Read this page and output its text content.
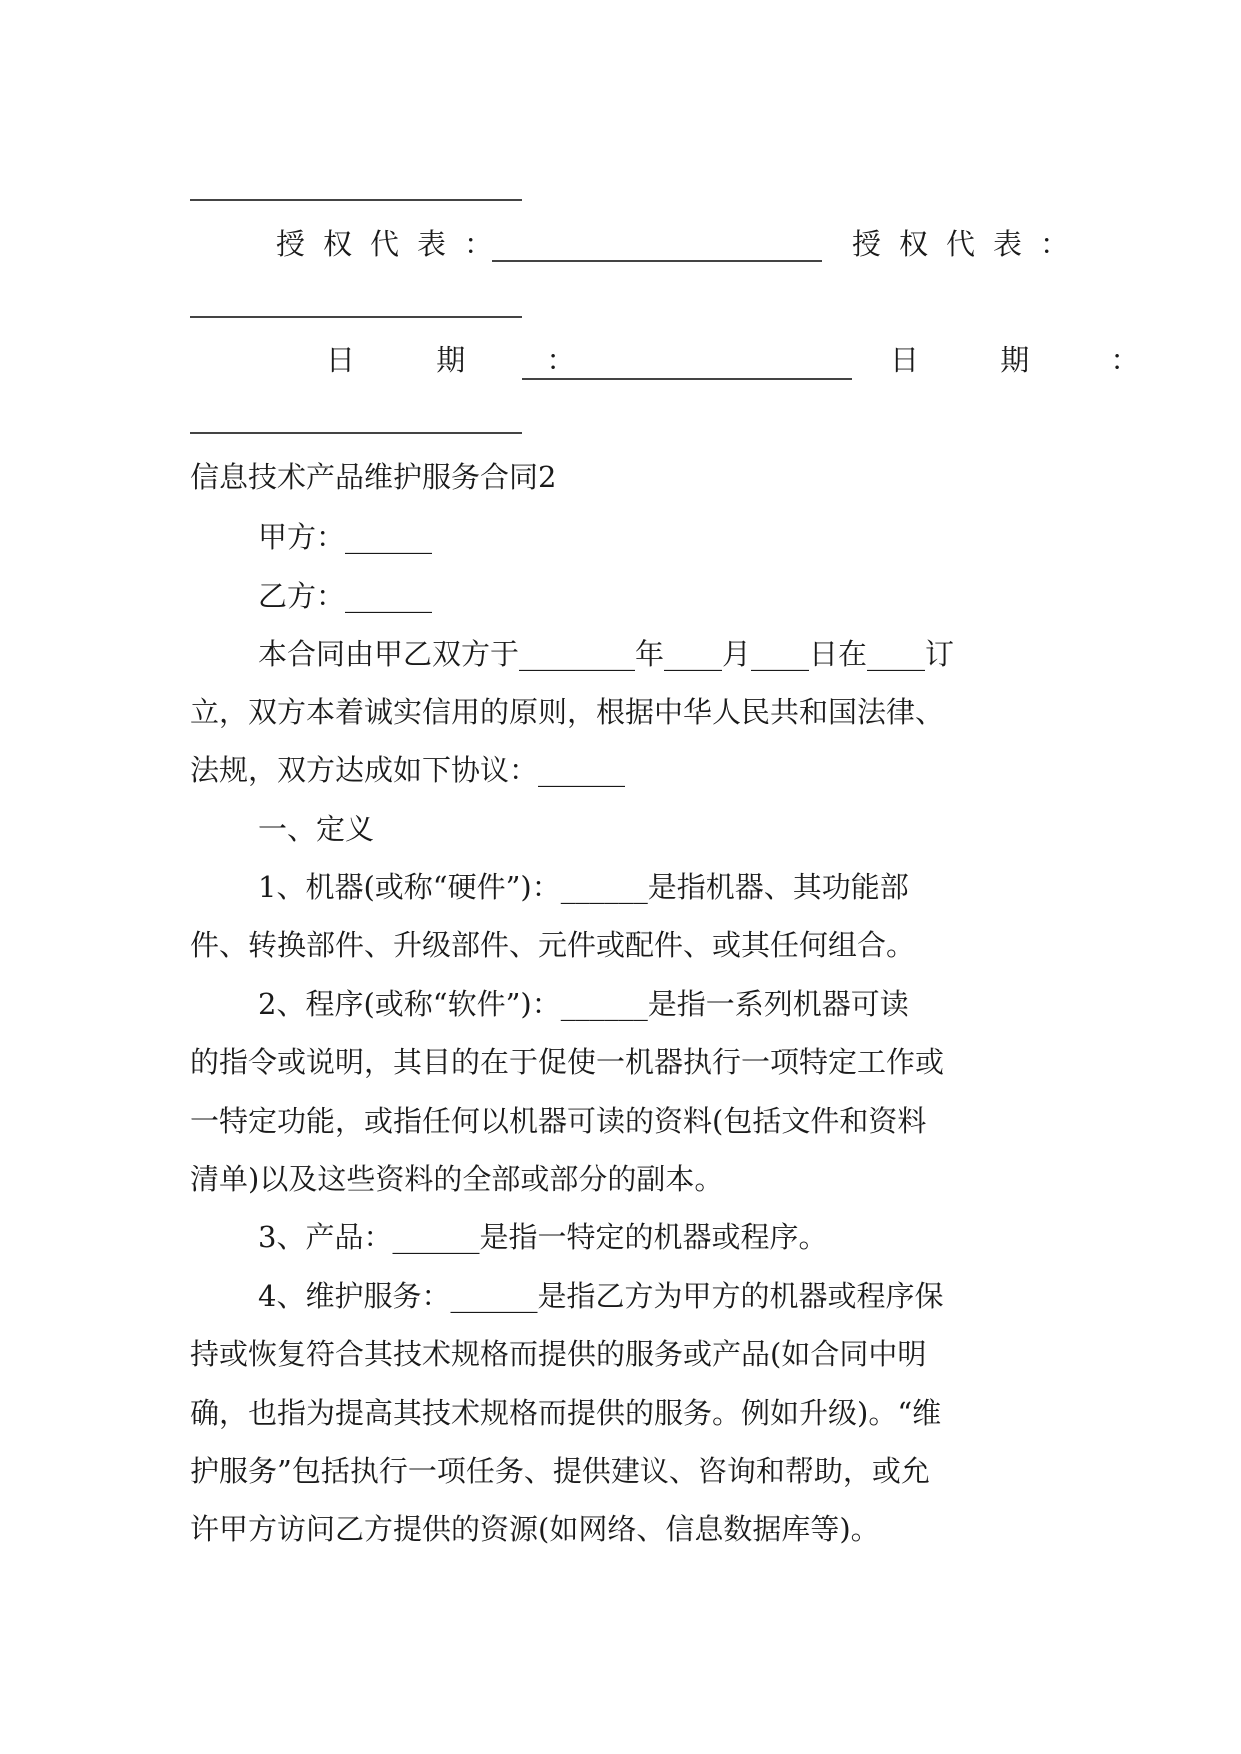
授权代表：	授权代表：
日 期 ：	日 期 ：
信息技术产品维护服务合同2
甲方：______
乙方：______
本合同由甲乙双方于________年____月____日在____订
立，双方本着诚实信用的原则，根据中华人民共和国法律、
法规，双方达成如下协议：______
一、定义
1、机器(或称“硬件”)：______是指机器、其功能部
件、转换部件、升级部件、元件或配件、或其任何组合。
2、程序(或称“软件”)：______是指一系列机器可读
的指令或说明，其目的在于促使一机器执行一项特定工作或
一特定功能，或指任何以机器可读的资料(包括文件和资料
清单)以及这些资料的全部或部分的副本。
3、产品：______是指一特定的机器或程序。
4、维护服务：______是指乙方为甲方的机器或程序保
持或恢复符合其技术规格而提供的服务或产品(如合同中明
确，也指为提高其技术规格而提供的服务。例如升级)。“维
护服务”包括执行一项任务、提供建议、咨询和帮助，或允
许甲方访问乙方提供的资源(如网络、信息数据库等)。
